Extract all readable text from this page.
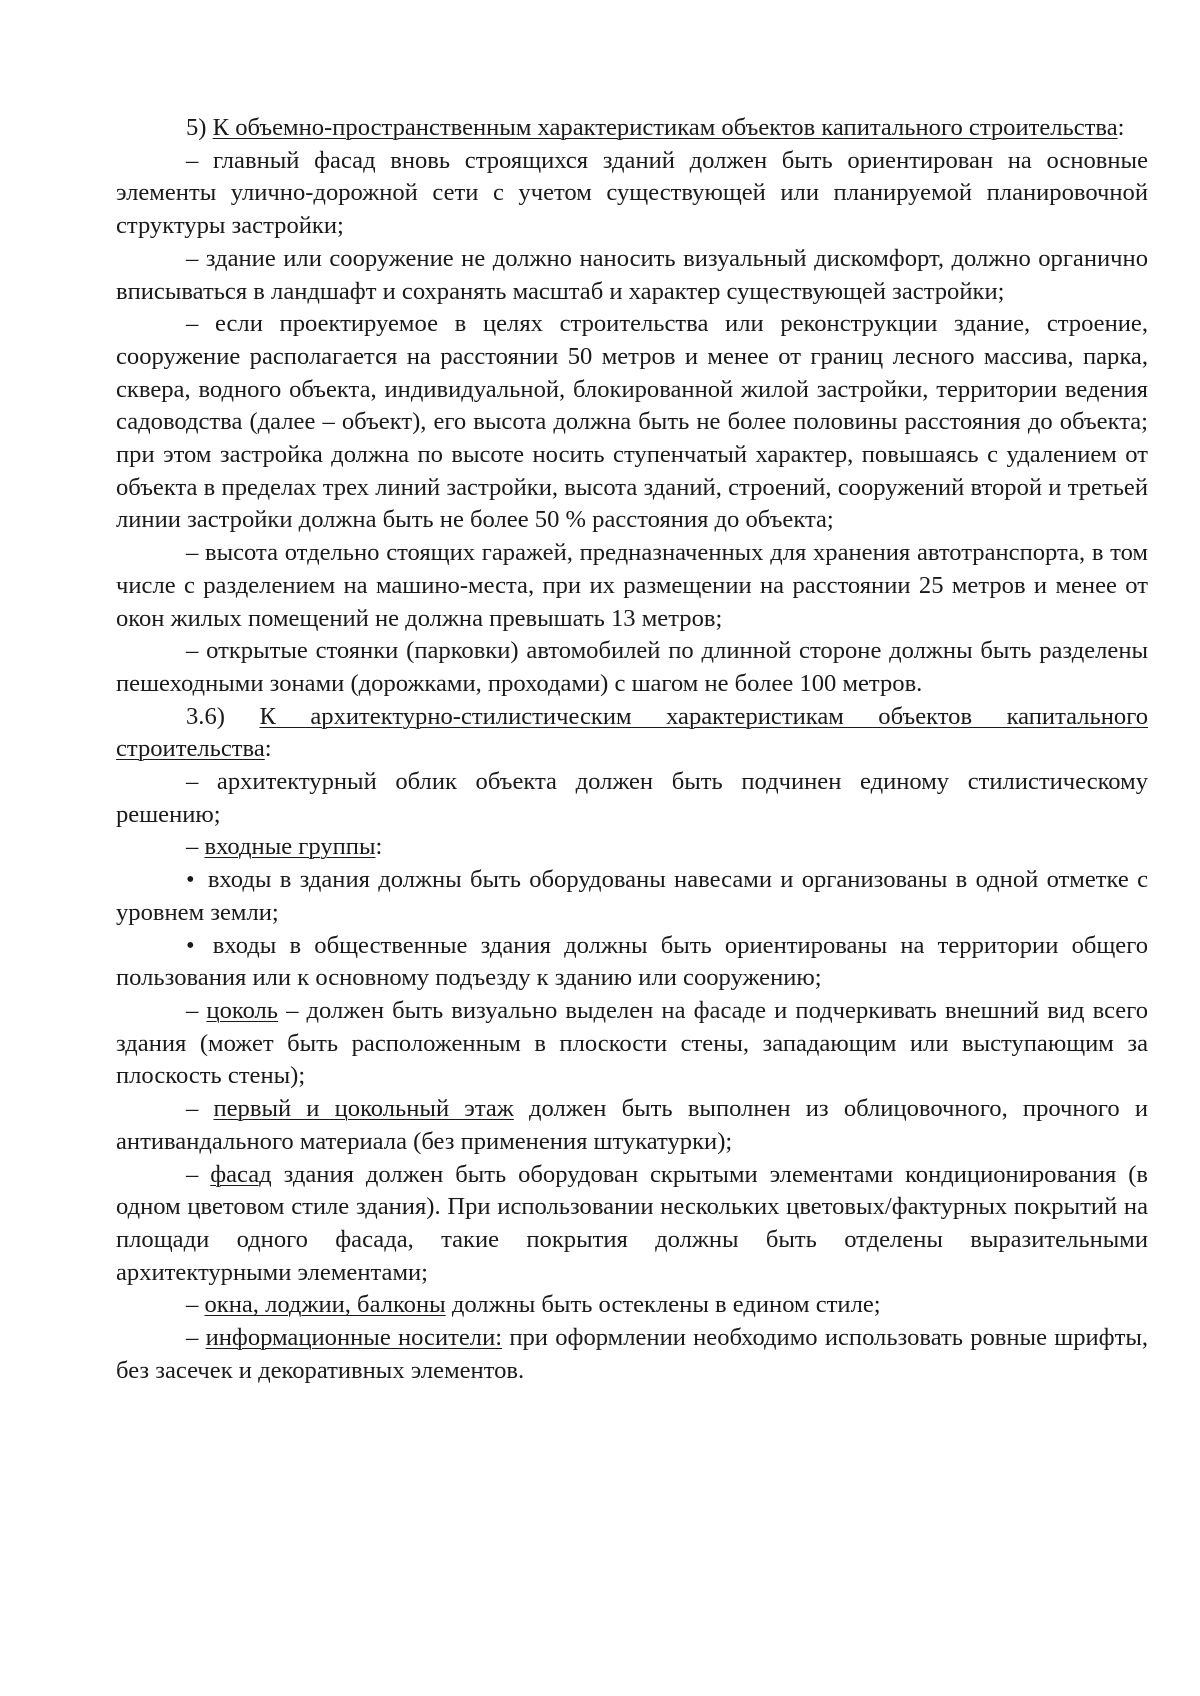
5) К объемно-пространственным характеристикам объектов капитального строительства:

– главный фасад вновь строящихся зданий должен быть ориентирован на основные элементы улично-дорожной сети с учетом существующей или планируемой планировочной структуры застройки;

– здание или сооружение не должно наносить визуальный дискомфорт, должно органично вписываться в ландшафт и сохранять масштаб и характер существующей застройки;

– если проектируемое в целях строительства или реконструкции здание, строение, сооружение располагается на расстоянии 50 метров и менее от границ лесного массива, парка, сквера, водного объекта, индивидуальной, блокированной жилой застройки, территории ведения садоводства (далее – объект), его высота должна быть не более половины расстояния до объекта; при этом застройка должна по высоте носить ступенчатый характер, повышаясь с удалением от объекта в пределах трех линий застройки, высота зданий, строений, сооружений второй и третьей линии застройки должна быть не более 50 % расстояния до объекта;

– высота отдельно стоящих гаражей, предназначенных для хранения автотранспорта, в том числе с разделением на машино-места, при их размещении на расстоянии 25 метров и менее от окон жилых помещений не должна превышать 13 метров;

– открытые стоянки (парковки) автомобилей по длинной стороне должны быть разделены пешеходными зонами (дорожками, проходами) с шагом не более 100 метров.

3.6) К архитектурно-стилистическим характеристикам объектов капитального строительства:

– архитектурный облик объекта должен быть подчинен единому стилистическому решению;

– входные группы:

• входы в здания должны быть оборудованы навесами и организованы в одной отметке с уровнем земли;

• входы в общественные здания должны быть ориентированы на территории общего пользования или к основному подъезду к зданию или сооружению;

– цоколь – должен быть визуально выделен на фасаде и подчеркивать внешний вид всего здания (может быть расположенным в плоскости стены, западающим или выступающим за плоскость стены);

– первый и цокольный этаж должен быть выполнен из облицовочного, прочного и антивандального материала (без применения штукатурки);

– фасад здания должен быть оборудован скрытыми элементами кондиционирования (в одном цветовом стиле здания). При использовании нескольких цветовых/фактурных покрытий на площади одного фасада, такие покрытия должны быть отделены выразительными архитектурными элементами;

– окна, лоджии, балконы должны быть остеклены в едином стиле;

– информационные носители: при оформлении необходимо использовать ровные шрифты, без засечек и декоративных элементов.
